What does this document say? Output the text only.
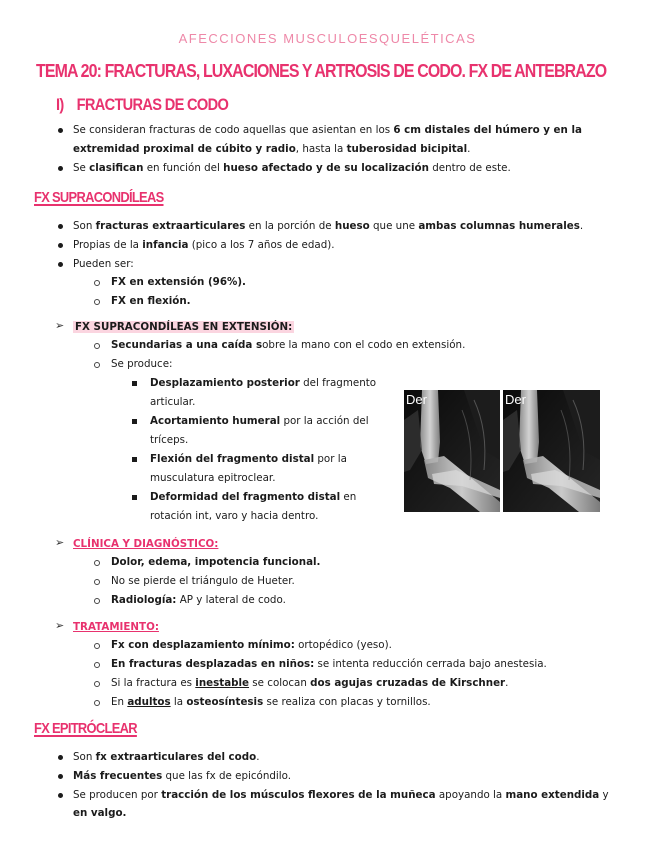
AFECCIONES MUSCULOESQUELÉTICAS
TEMA 20: FRACTURAS, LUXACIONES Y ARTROSIS DE CODO. FX DE ANTEBRAZO
I) FRACTURAS DE CODO
Se consideran fracturas de codo aquellas que asientan en los 6 cm distales del húmero y en la
extremidad proximal de cúbito y radio, hasta la tuberosidad bicipital.
Se clasifican en función del hueso afectado y de su localización dentro de este.
FX SUPRACONDÍLEAS
Son fracturas extraarticulares en la porción de hueso que une ambas columnas humerales.
Propias de la infancia (pico a los 7 años de edad).
Pueden ser:
FX en extensión (96%).
FX en flexión.
➢ FX SUPRACONDÍLEAS EN EXTENSIÓN:
Secundarias a una caída sobre la mano con el codo en extensión.
Se produce:
Desplazamiento posterior del fragmento
articular.
Acortamiento humeral por la acción del
tríceps.
Flexión del fragmento distal por la
musculatura epitroclear.
Deformidad del fragmento distal en
rotación int, varo y hacia dentro.
Der	Der
➢ CLÍNICA Y DIAGNÓSTICO:
Dolor, edema, impotencia funcional.
No se pierde el triángulo de Hueter.
Radiología: AP y lateral de codo.
➢ TRATAMIENTO:
Fx con desplazamiento mínimo: ortopédico (yeso).
En fracturas desplazadas en niños: se intenta reducción cerrada bajo anestesia.
Si la fractura es inestable se colocan dos agujas cruzadas de Kirschner.
En adultos la osteosíntesis se realiza con placas y tornillos.
FX EPITRÓCLEAR
Son fx extraarticulares del codo.
Más frecuentes que las fx de epicóndilo.
Se producen por tracción de los músculos flexores de la muñeca apoyando la mano extendida y
en valgo.
